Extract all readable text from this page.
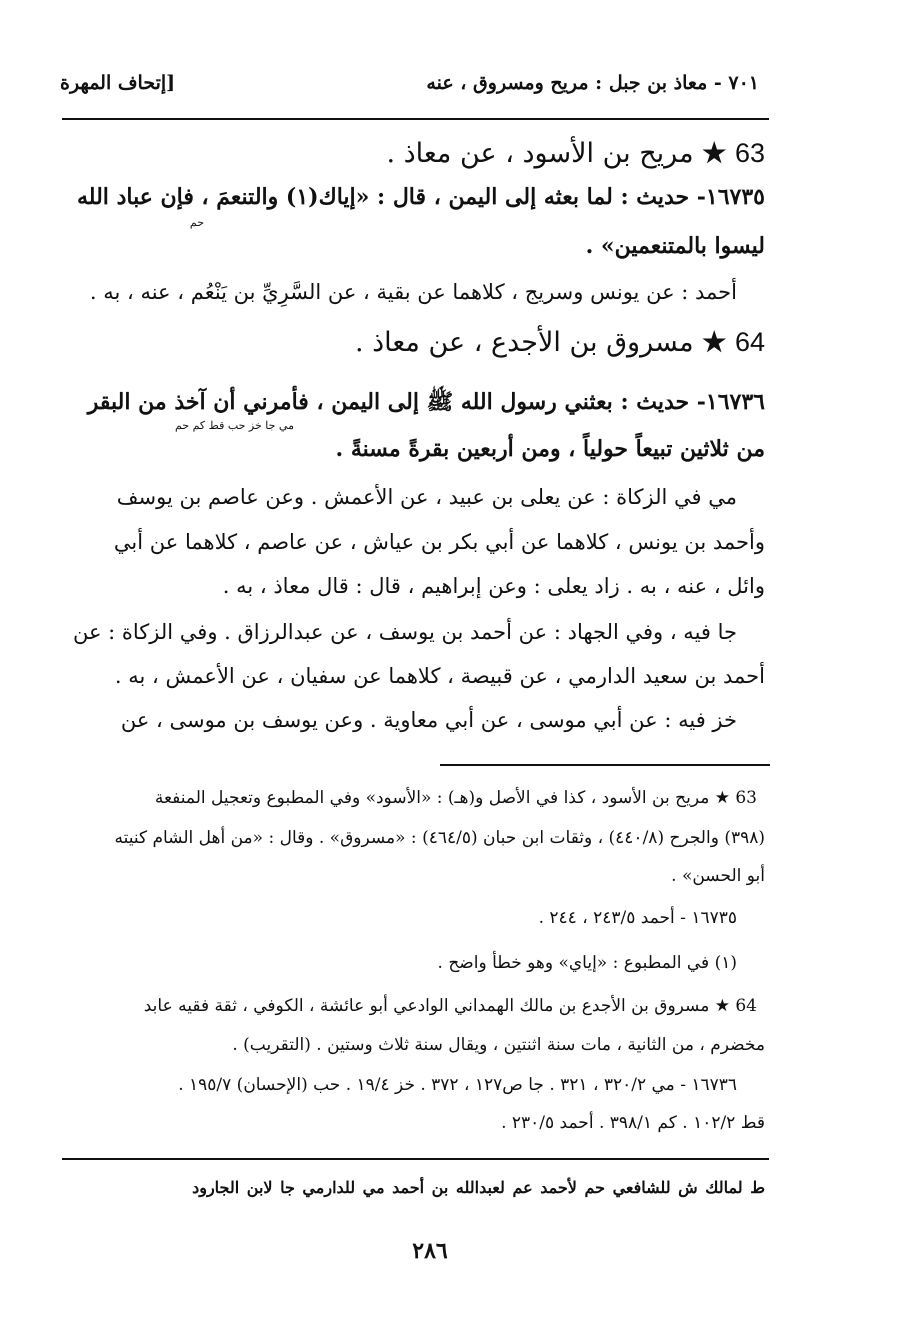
٧٠١ - معاذ بن جبل : مريح ومسروق ، عنه
[إتحاف المهرة
63 ★ مريح بن الأسود ، عن معاذ .
١٦٧٣٥- حديث : لما بعثه إلى اليمن ، قال : «إياك(١) والتنعمَ ، فإن عباد الله
حم
ليسوا بالمتنعمين» .
أحمد : عن يونس وسريج ، كلاهما عن بقية ، عن السَّرِيِّ بن يَنْعُم ، عنه ، به .
64 ★ مسروق بن الأجدع ، عن معاذ .
١٦٧٣٦- حديث : بعثني رسول الله ﷺ إلى اليمن ، فأمرني أن آخذ من البقر
مي جا خز حب قط كم حم
من ثلاثين تبيعاً حولياً ، ومن أربعين بقرةً مسنةً .
مي في الزكاة : عن يعلى بن عبيد ، عن الأعمش . وعن عاصم بن يوسف
وأحمد بن يونس ، كلاهما عن أبي بكر بن عياش ، عن عاصم ، كلاهما عن أبي
وائل ، عنه ، به . زاد يعلى : وعن إبراهيم ، قال : قال معاذ ، به .
جا فيه ، وفي الجهاد : عن أحمد بن يوسف ، عن عبدالرزاق . وفي الزكاة : عن
أحمد بن سعيد الدارمي ، عن قبيصة ، كلاهما عن سفيان ، عن الأعمش ، به .
خز فيه : عن أبي موسى ، عن أبي معاوية . وعن يوسف بن موسى ، عن
63 ★ مريح بن الأسود ، كذا في الأصل و(هـ) : «الأسود» وفي المطبوع وتعجيل المنفعة
(٣٩٨) والجرح (٤٤٠/٨) ، وثقات ابن حبان (٤٦٤/٥) : «مسروق» . وقال : «من أهل الشام كنيته
أبو الحسن» .
١٦٧٣٥ - أحمد ٢٤٣/٥ ، ٢٤٤ .
(١) في المطبوع : «إياي» وهو خطأ واضح .
64 ★ مسروق بن الأجدع بن مالك الهمداني الوادعي أبو عائشة ، الكوفي ، ثقة فقيه عابد
مخضرم ، من الثانية ، مات سنة اثنتين ، ويقال سنة ثلاث وستين . (التقريب) .
١٦٧٣٦ - مي ٣٢٠/٢ ، ٣٢١ . جا ص١٢٧ ، ٣٧٢ . خز ١٩/٤ . حب (الإحسان) ١٩٥/٧ .
قط ١٠٢/٢ . كم ٣٩٨/١ . أحمد ٢٣٠/٥ .
ط لمالك ش للشافعي حم لأحمد عم لعبدالله بن أحمد مي للدارمي جا لابن الجارود
٢٨٦
